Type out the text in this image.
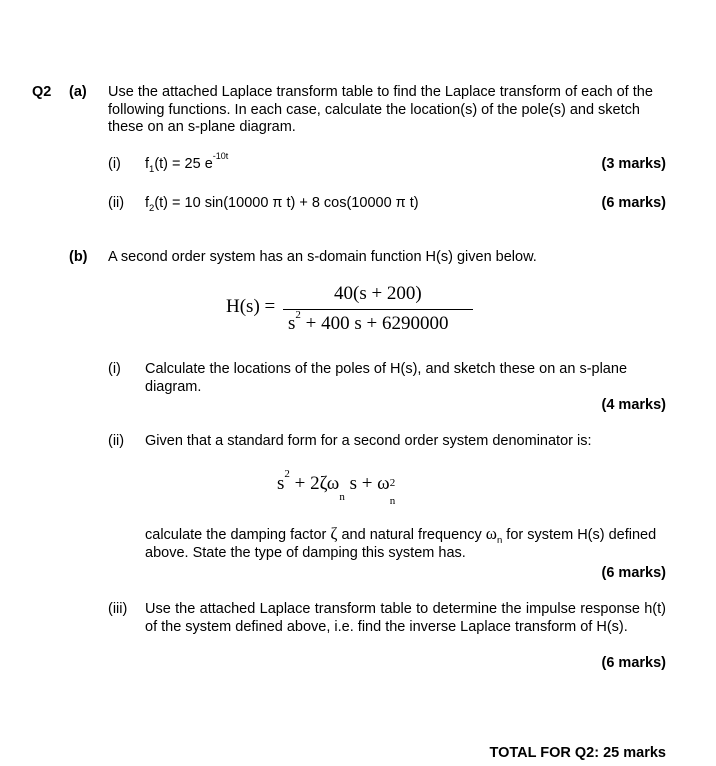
Q2 (a) Use the attached Laplace transform table to find the Laplace transform of each of the following functions. In each case, calculate the location(s) of the pole(s) and sketch these on an s-plane diagram.
(i) $f_1(t) = 25$ $e^{-10t}$	(3 marks)
(ii) $f_2(t) = 10$ sin(10000 π t) + 8 cos(10000 π t)	(6 marks)
(b) A second order system has an s-domain function H(s) given below.
H(s) =
40(s + 200)
$s^2 + 400$ s + 6290000
(i) Calculate the locations of the poles of H(s), and sketch these on an s-plane diagram.
(4 marks)
(ii) Given that a standard form for a second order system denominator is:
$s^2 + 2\zeta\omega_n$ s + ω 2
n
calculate the damping factor ζ and natural frequency $\omega_n$ for system H(s) defined above. State the type of damping this system has.
(6 marks)
(iii) Use the attached Laplace transform table to determine the impulse response h(t) of the system defined above, i.e. find the inverse Laplace transform of H(s).
(6 marks)
TOTAL FOR Q2: 25 marks
